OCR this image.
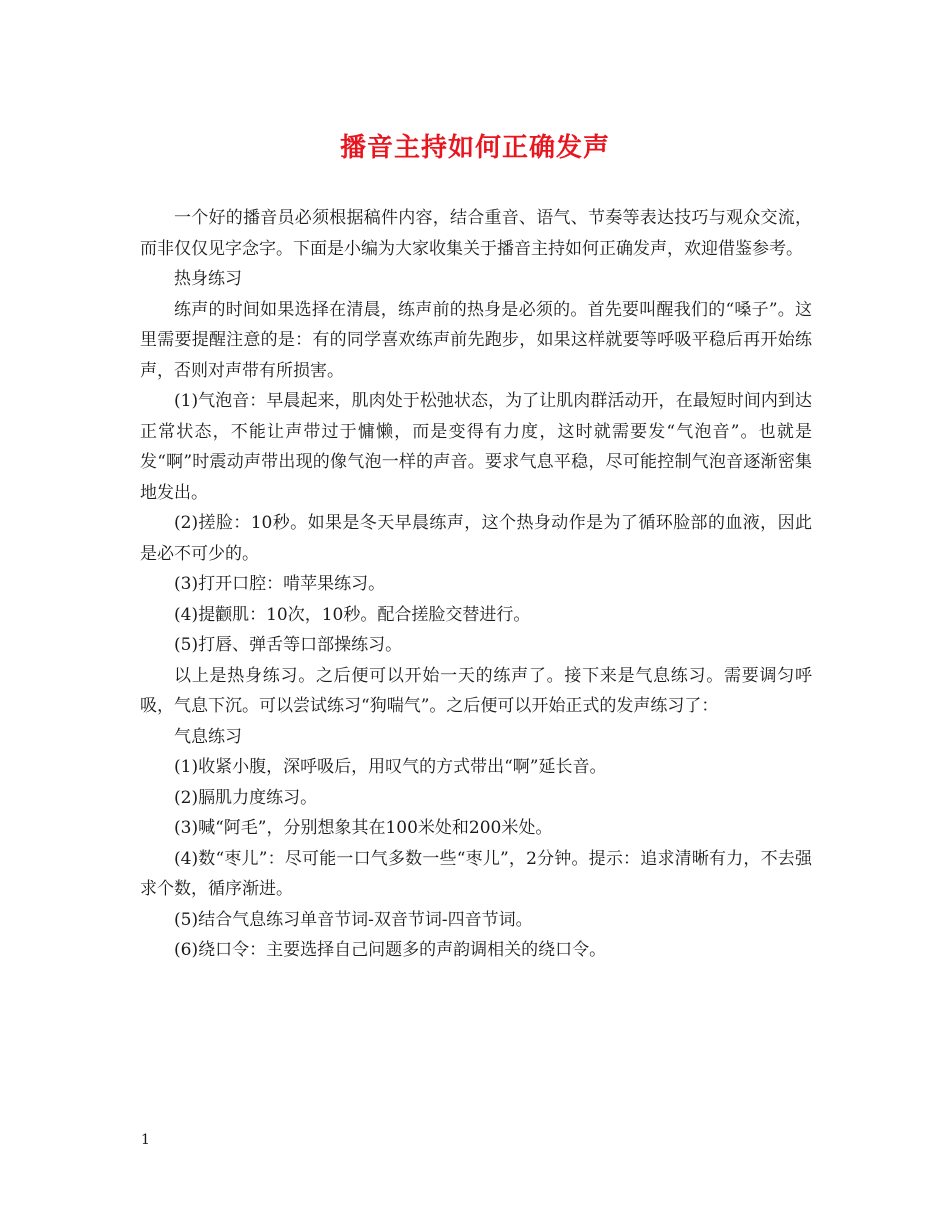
播音主持如何正确发声

一个好的播音员必须根据稿件内容，结合重音、语气、节奏等表达技巧与观众交流，而非仅仅见字念字。下面是小编为大家收集关于播音主持如何正确发声，欢迎借鉴参考。

热身练习

练声的时间如果选择在清晨，练声前的热身是必须的。首先要叫醒我们的“嗓子”。这里需要提醒注意的是：有的同学喜欢练声前先跑步，如果这样就要等呼吸平稳后再开始练声，否则对声带有所损害。

(1)气泡音：早晨起来，肌肉处于松弛状态，为了让肌肉群活动开，在最短时间内到达正常状态，不能让声带过于慵懒，而是变得有力度，这时就需要发“气泡音”。也就是发“啊”时震动声带出现的像气泡一样的声音。要求气息平稳，尽可能控制气泡音逐渐密集地发出。

(2)搓脸：10秒。如果是冬天早晨练声，这个热身动作是为了循环脸部的血液，因此是必不可少的。

(3)打开口腔：啃苹果练习。

(4)提颧肌：10次，10秒。配合搓脸交替进行。

(5)打唇、弹舌等口部操练习。

以上是热身练习。之后便可以开始一天的练声了。接下来是气息练习。需要调匀呼吸，气息下沉。可以尝试练习“狗喘气”。之后便可以开始正式的发声练习了：

气息练习

(1)收紧小腹，深呼吸后，用叹气的方式带出“啊”延长音。

(2)膈肌力度练习。

(3)喊“阿毛”，分别想象其在100米处和200米处。

(4)数“枣儿”：尽可能一口气多数一些“枣儿”，2分钟。提示：追求清晰有力，不去强求个数，循序渐进。

(5)结合气息练习单音节词-双音节词-四音节词。

(6)绕口令：主要选择自己问题多的声韵调相关的绕口令。

1
